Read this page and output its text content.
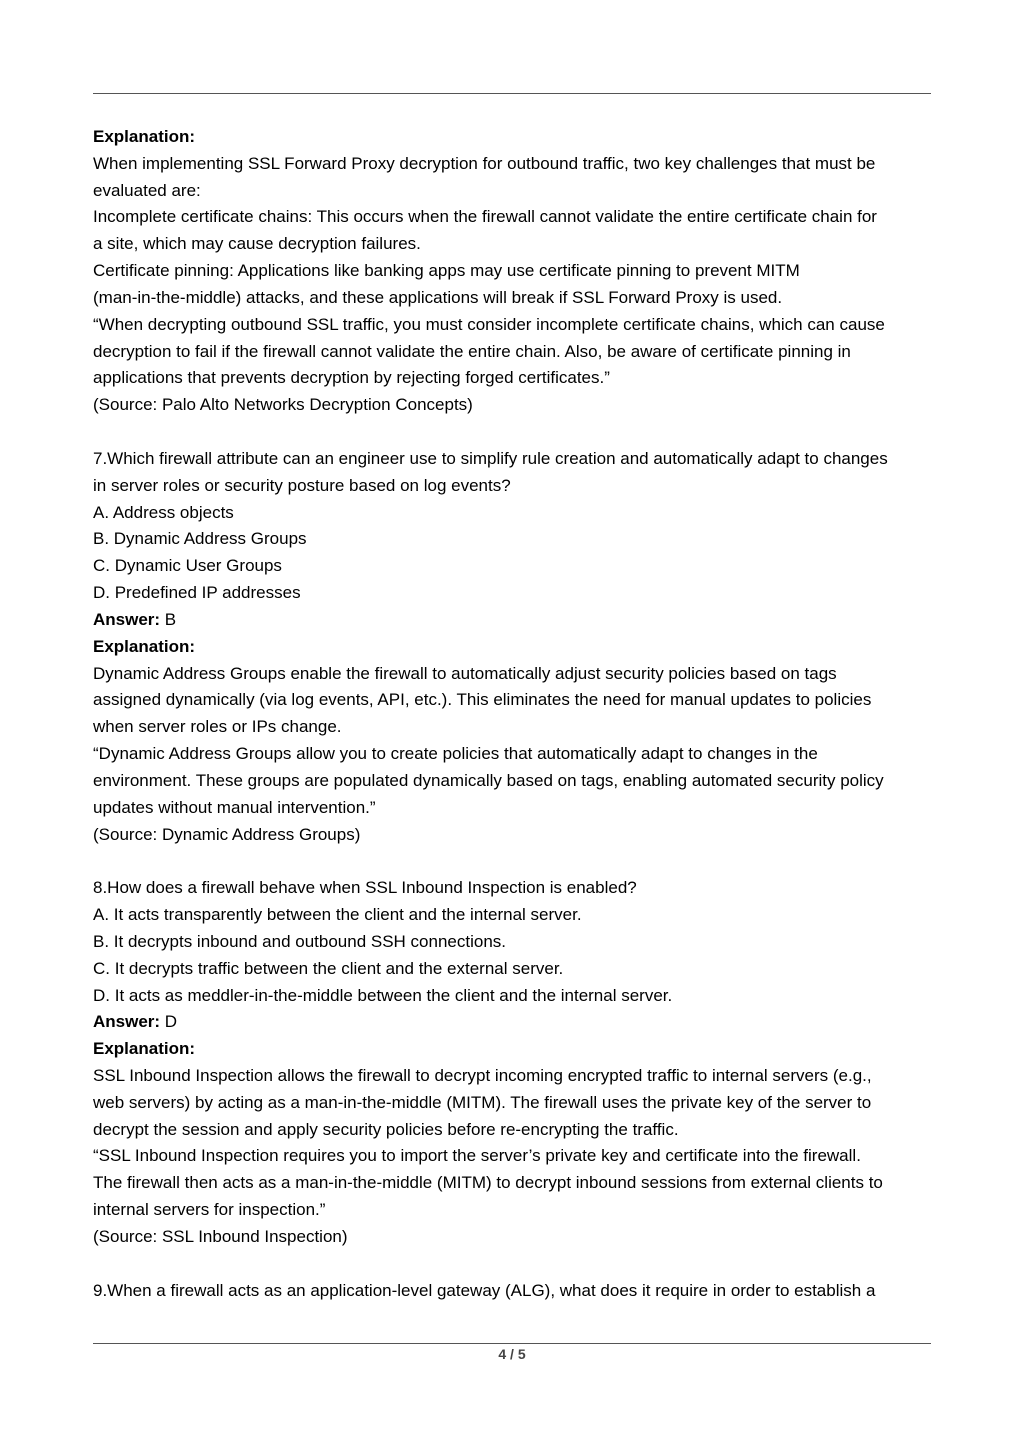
Explanation:
When implementing SSL Forward Proxy decryption for outbound traffic, two key challenges that must be
evaluated are:
Incomplete certificate chains: This occurs when the firewall cannot validate the entire certificate chain for
a site, which may cause decryption failures.
Certificate pinning: Applications like banking apps may use certificate pinning to prevent MITM
(man-in-the-middle) attacks, and these applications will break if SSL Forward Proxy is used.
“When decrypting outbound SSL traffic, you must consider incomplete certificate chains, which can cause
decryption to fail if the firewall cannot validate the entire chain. Also, be aware of certificate pinning in
applications that prevents decryption by rejecting forged certificates.”
(Source: Palo Alto Networks Decryption Concepts)
7.Which firewall attribute can an engineer use to simplify rule creation and automatically adapt to changes
in server roles or security posture based on log events?
A. Address objects
B. Dynamic Address Groups
C. Dynamic User Groups
D. Predefined IP addresses
Answer: B
Explanation:
Dynamic Address Groups enable the firewall to automatically adjust security policies based on tags
assigned dynamically (via log events, API, etc.). This eliminates the need for manual updates to policies
when server roles or IPs change.
“Dynamic Address Groups allow you to create policies that automatically adapt to changes in the
environment. These groups are populated dynamically based on tags, enabling automated security policy
updates without manual intervention.”
(Source: Dynamic Address Groups)
8.How does a firewall behave when SSL Inbound Inspection is enabled?
A. It acts transparently between the client and the internal server.
B. It decrypts inbound and outbound SSH connections.
C. It decrypts traffic between the client and the external server.
D. It acts as meddler-in-the-middle between the client and the internal server.
Answer: D
Explanation:
SSL Inbound Inspection allows the firewall to decrypt incoming encrypted traffic to internal servers (e.g.,
web servers) by acting as a man-in-the-middle (MITM). The firewall uses the private key of the server to
decrypt the session and apply security policies before re-encrypting the traffic.
“SSL Inbound Inspection requires you to import the server’s private key and certificate into the firewall.
The firewall then acts as a man-in-the-middle (MITM) to decrypt inbound sessions from external clients to
internal servers for inspection.”
(Source: SSL Inbound Inspection)
9.When a firewall acts as an application-level gateway (ALG), what does it require in order to establish a
4 / 5
